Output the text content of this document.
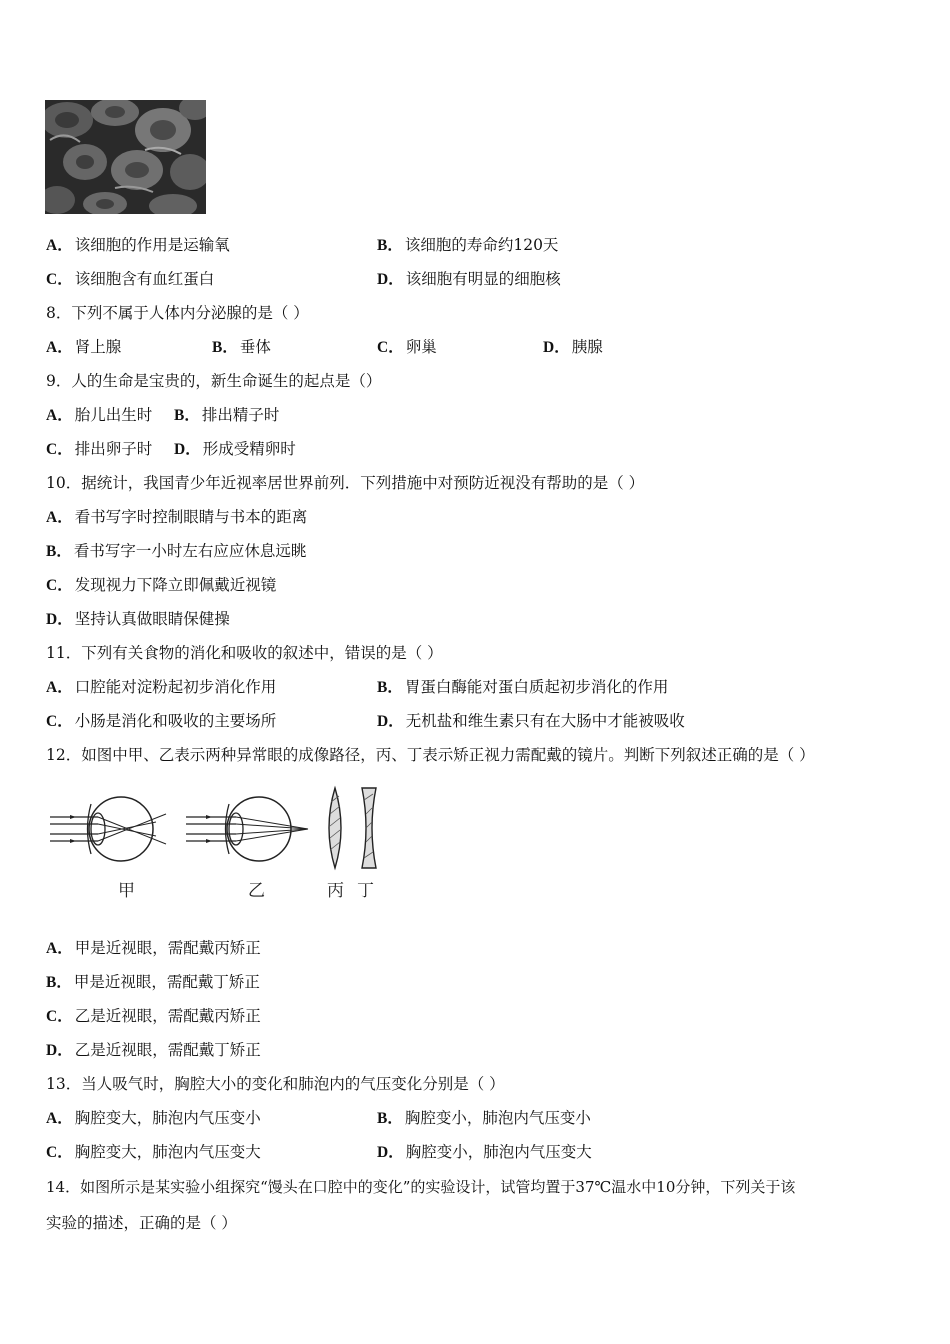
A． 该细胞的作用是运输氧	B． 该细胞的寿命约120天
C． 该细胞含有血红蛋白	D． 该细胞有明显的细胞核
8．下列不属于人体内分泌腺的是（ ）
A． 肾上腺	B． 垂体	C． 卵巢	D． 胰腺
9．人的生命是宝贵的，新生命诞生的起点是（）
A． 胎儿出生时 B． 排出精子时
C． 排出卵子时 D． 形成受精卵时
10．据统计，我国青少年近视率居世界前列．下列措施中对预防近视没有帮助的是（ ）
A． 看书写字时控制眼睛与书本的距离
B． 看书写字一小时左右应应休息远眺
C． 发现视力下降立即佩戴近视镜
D． 坚持认真做眼睛保健操
11．下列有关食物的消化和吸收的叙述中，错误的是（ ）
A． 口腔能对淀粉起初步消化作用	B． 胃蛋白酶能对蛋白质起初步消化的作用
C． 小肠是消化和吸收的主要场所	D． 无机盐和维生素只有在大肠中才能被吸收
12．如图中甲、乙表示两种异常眼的成像路径，丙、丁表示矫正视力需配戴的镜片。判断下列叙述正确的是（ ）
甲	乙	丙 丁
A． 甲是近视眼，需配戴丙矫正
B． 甲是近视眼，需配戴丁矫正
C． 乙是近视眼，需配戴丙矫正
D． 乙是近视眼，需配戴丁矫正
13．当人吸气时，胸腔大小的变化和肺泡内的气压变化分别是（ ）
A． 胸腔变大，肺泡内气压变小	B． 胸腔变小，肺泡内气压变小
C． 胸腔变大，肺泡内气压变大	D． 胸腔变小，肺泡内气压变大
14．如图所示是某实验小组探究“馒头在口腔中的变化”的实验设计，试管均置于37℃温水中10分钟，下列关于该
实验的描述，正确的是（ ）
